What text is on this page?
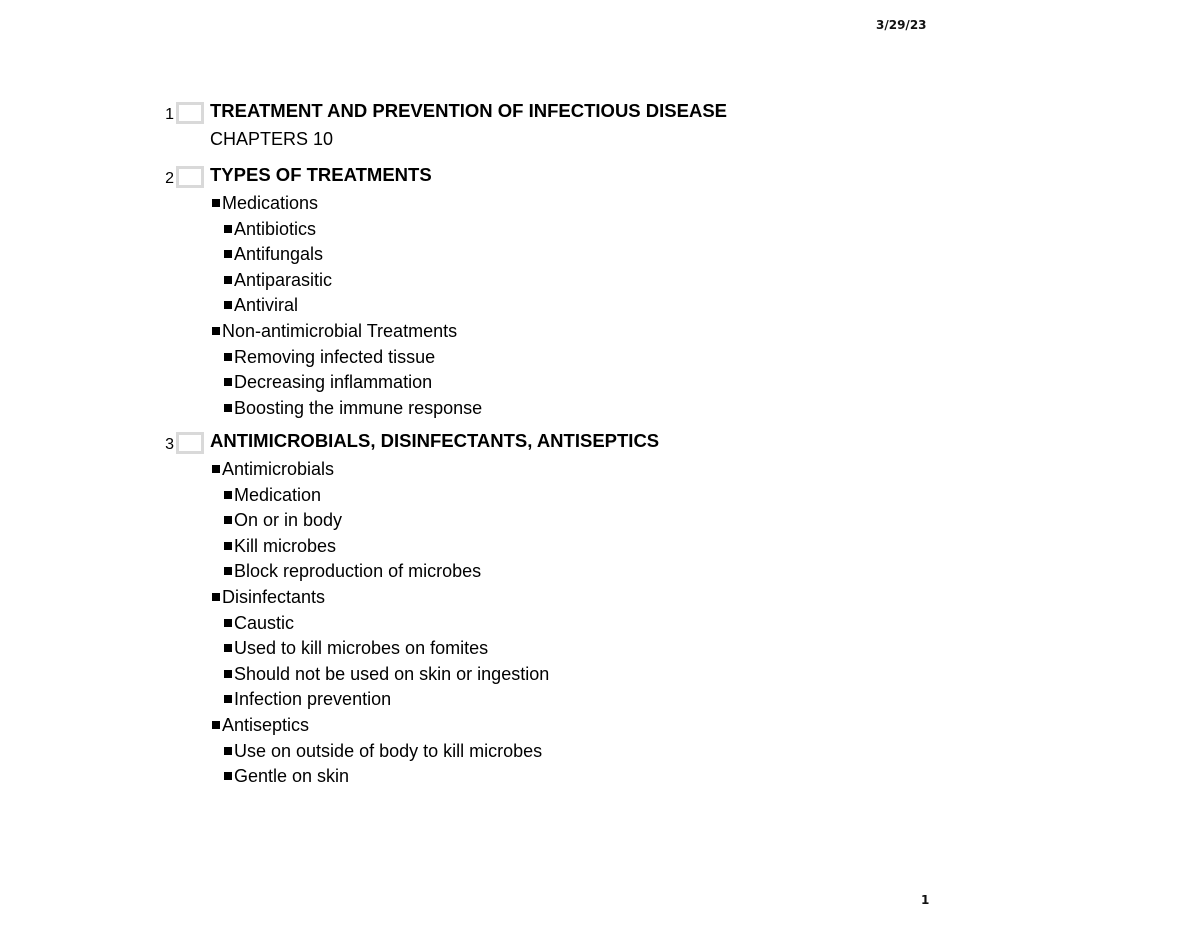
3/29/23
1 TREATMENT AND PREVENTION OF INFECTIOUS DISEASE
CHAPTERS 10
2 TYPES OF TREATMENTS
Medications
Antibiotics
Antifungals
Antiparasitic
Antiviral
Non-antimicrobial Treatments
Removing infected tissue
Decreasing inflammation
Boosting the immune response
3 ANTIMICROBIALS, DISINFECTANTS, ANTISEPTICS
Antimicrobials
Medication
On or in body
Kill microbes
Block reproduction of microbes
Disinfectants
Caustic
Used to kill microbes on fomites
Should not be used on skin or ingestion
Infection prevention
Antiseptics
Use on outside of body to kill microbes
Gentle on skin
1
